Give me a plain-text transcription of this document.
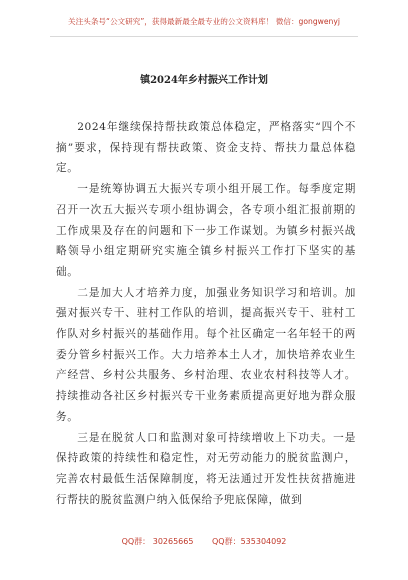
关注头条号“公文研究”，获得最新最全最专业的公文资料库！ 微信：gongwenyj
镇2024年乡村振兴工作计划

2024年继续保持帮扶政策总体稳定，严格落实“四个不摘”要求，保持现有帮扶政策、资金支持、帮扶力量总体稳定。

一是统筹协调五大振兴专项小组开展工作。每季度定期召开一次五大振兴专项小组协调会，各专项小组汇报前期的工作成果及存在的问题和下一步工作谋划。为镇乡村振兴战略领导小组定期研究实施全镇乡村振兴工作打下坚实的基础。

二是加大人才培养力度，加强业务知识学习和培训。加强对振兴专干、驻村工作队的培训，提高振兴专干、驻村工作队对乡村振兴的基础作用。每个社区确定一名年轻干的两委分管乡村振兴工作。大力培养本土人才，加快培养农业生产经营、乡村公共服务、乡村治理、农业农村科技等人才。持续推动各社区乡村振兴专干业务素质提高更好地为群众服务。

三是在脱贫人口和监测对象可持续增收上下功夫。一是保持政策的持续性和稳定性，对无劳动能力的脱贫监测户，完善农村最低生活保障制度，将无法通过开发性扶贫措施进行帮扶的脱贫监测户纳入低保给予兜底保障，做到

QQ群： 30265665 QQ群：535304092
